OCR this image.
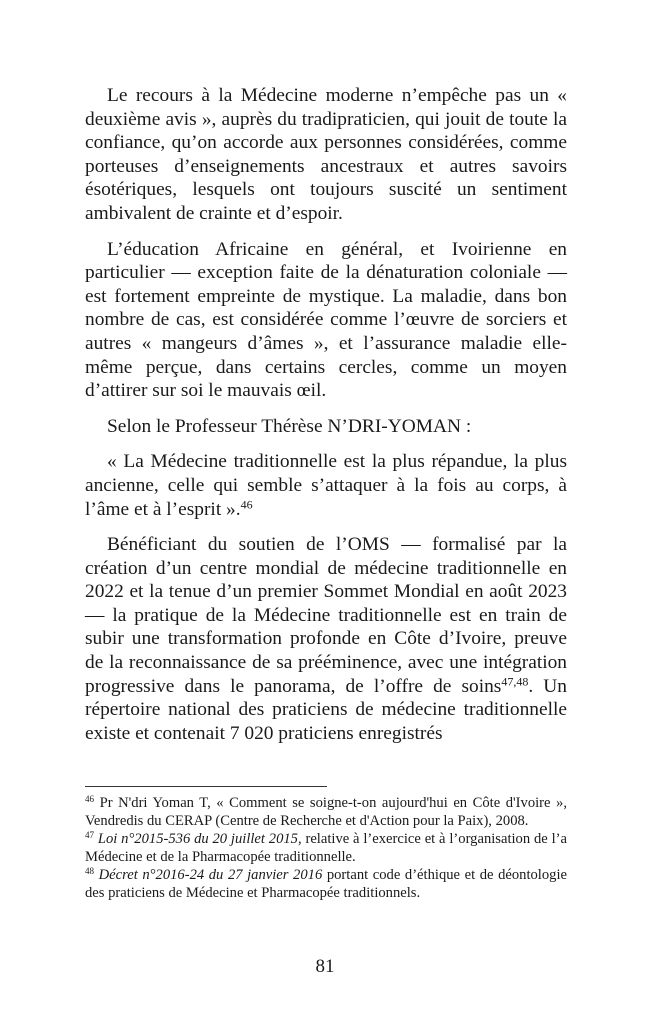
Le recours à la Médecine moderne n’empêche pas un « deuxième avis », auprès du tradipraticien, qui jouit de toute la confiance, qu’on accorde aux personnes considérées, comme porteuses d’enseignements ancestraux et autres savoirs ésotériques, lesquels ont toujours suscité un sentiment ambivalent de crainte et d’espoir.

L’éducation Africaine en général, et Ivoirienne en particulier — exception faite de la dénaturation coloniale — est fortement empreinte de mystique. La maladie, dans bon nombre de cas, est considérée comme l’œuvre de sorciers et autres « mangeurs d’âmes », et l’assurance maladie elle-même perçue, dans certains cercles, comme un moyen d’attirer sur soi le mauvais œil.

Selon le Professeur Thérèse N’DRI-YOMAN :

« La Médecine traditionnelle est la plus répandue, la plus ancienne, celle qui semble s’attaquer à la fois au corps, à l’âme et à l’esprit ».$^{46}$

Bénéficiant du soutien de l’OMS — formalisé par la création d’un centre mondial de médecine traditionnelle en 2022 et la tenue d’un premier Sommet Mondial en août 2023 — la pratique de la Médecine traditionnelle est en train de subir une transformation profonde en Côte d’Ivoire, preuve de la reconnaissance de sa prééminence, avec une intégration progressive dans le panorama, de l’offre de soins$^{47,48}$. Un répertoire national des praticiens de médecine traditionnelle existe et contenait 7 020 praticiens enregistrés

$^{46}$ Pr N'dri Yoman T, « Comment se soigne-t-on aujourd'hui en Côte d'Ivoire », Vendredis du CERAP (Centre de Recherche et d'Action pour la Paix), 2008.

$^{47}$ Loi n°2015-536 du 20 juillet 2015, relative à l’exercice et à l’organisation de l’a Médecine et de la Pharmacopée traditionnelle.

$^{48}$ Décret n°2016-24 du 27 janvier 2016 portant code d’éthique et de déontologie des praticiens de Médecine et Pharmacopée traditionnels.

81
